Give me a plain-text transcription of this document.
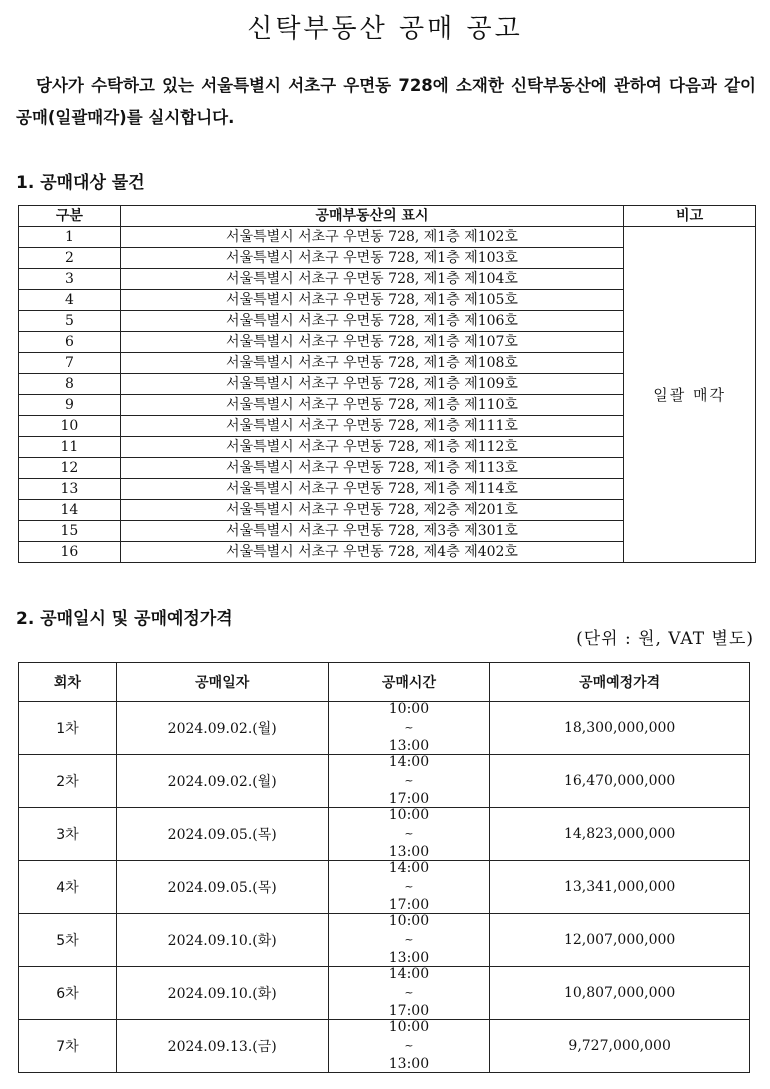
신탁부동산 공매 공고
당사가 수탁하고 있는 서울특별시 서초구 우면동 728에 소재한 신탁부동산에 관하여 다음과 같이 공매(일괄매각)를 실시합니다.
1. 공매대상 물건
구분	공매부동산의 표시	비고
1	서울특별시 서초구 우면동 728, 제1층 제102호	일괄 매각
2	서울특별시 서초구 우면동 728, 제1층 제103호	
3	서울특별시 서초구 우면동 728, 제1층 제104호	
4	서울특별시 서초구 우면동 728, 제1층 제105호	
5	서울특별시 서초구 우면동 728, 제1층 제106호	
6	서울특별시 서초구 우면동 728, 제1층 제107호	
7	서울특별시 서초구 우면동 728, 제1층 제108호	
8	서울특별시 서초구 우면동 728, 제1층 제109호	
9	서울특별시 서초구 우면동 728, 제1층 제110호	
10	서울특별시 서초구 우면동 728, 제1층 제111호	
11	서울특별시 서초구 우면동 728, 제1층 제112호	
12	서울특별시 서초구 우면동 728, 제1층 제113호	
13	서울특별시 서초구 우면동 728, 제1층 제114호	
14	서울특별시 서초구 우면동 728, 제2층 제201호	
15	서울특별시 서초구 우면동 728, 제3층 제301호	
16	서울특별시 서초구 우면동 728, 제4층 제402호	
2. 공매일시 및 공매예정가격
(단위 : 원, VAT 별도)
회차	공매일자	공매시간	공매예정가격
1차	2024.09.02.(월)	10:00
~
13:00	18,300,000,000
2차	2024.09.02.(월)	14:00
~
17:00	16,470,000,000
3차	2024.09.05.(목)	10:00
~
13:00	14,823,000,000
4차	2024.09.05.(목)	14:00
~
17:00	13,341,000,000
5차	2024.09.10.(화)	10:00
~
13:00	12,007,000,000
6차	2024.09.10.(화)	14:00
~
17:00	10,807,000,000
7차	2024.09.13.(금)	10:00
~
13:00	9,727,000,000
